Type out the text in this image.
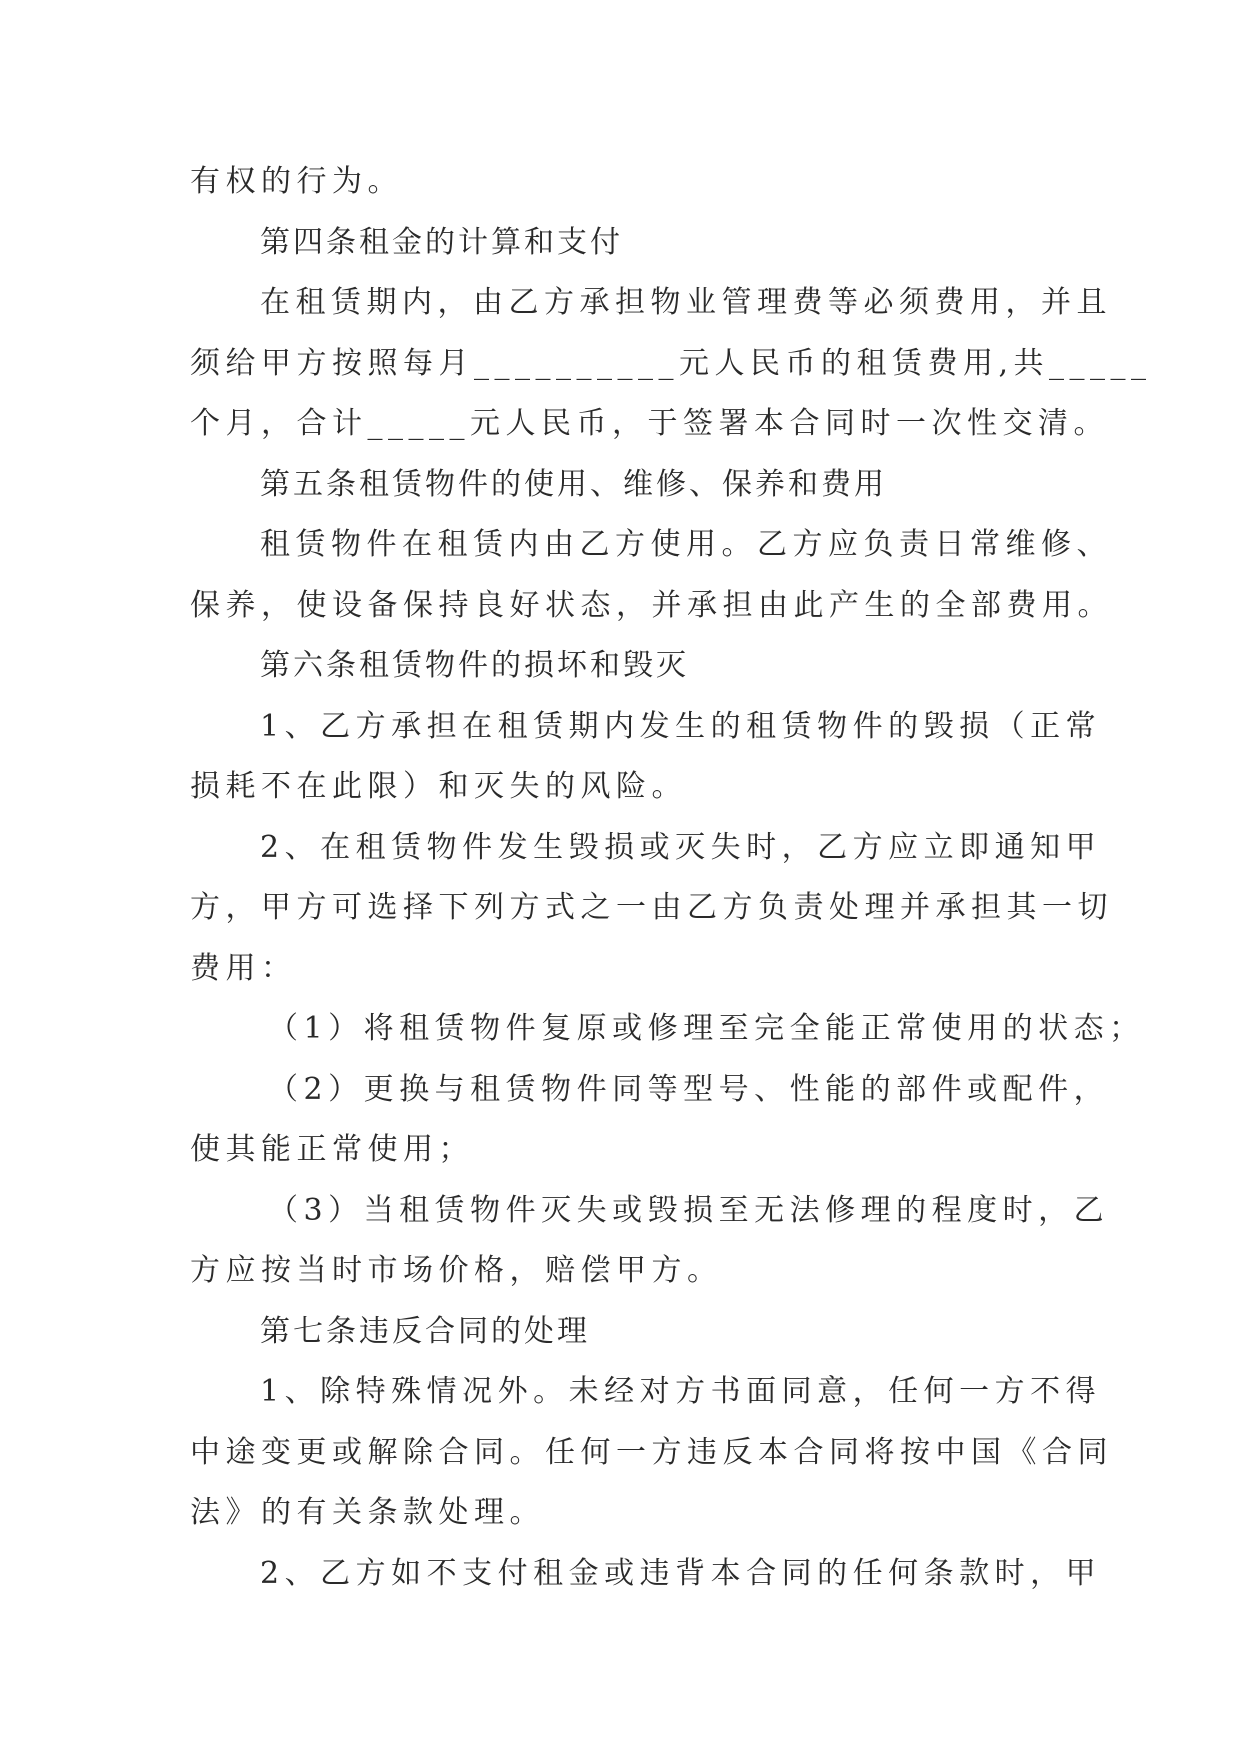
有权的行为。
第四条租金的计算和支付
在租赁期内，由乙方承担物业管理费等必须费用，并且
须给甲方按照每月__________元人民币的租赁费用,共_____
个月，合计_____元人民币，于签署本合同时一次性交清。
第五条租赁物件的使用、维修、保养和费用
租赁物件在租赁内由乙方使用。乙方应负责日常维修、
保养，使设备保持良好状态，并承担由此产生的全部费用。
第六条租赁物件的损坏和毁灭
1、乙方承担在租赁期内发生的租赁物件的毁损（正常
损耗不在此限）和灭失的风险。
2、在租赁物件发生毁损或灭失时，乙方应立即通知甲
方，甲方可选择下列方式之一由乙方负责处理并承担其一切
费用：
（1）将租赁物件复原或修理至完全能正常使用的状态；
（2）更换与租赁物件同等型号、性能的部件或配件，
使其能正常使用；
（3）当租赁物件灭失或毁损至无法修理的程度时，乙
方应按当时市场价格，赔偿甲方。
第七条违反合同的处理
1、除特殊情况外。未经对方书面同意，任何一方不得
中途变更或解除合同。任何一方违反本合同将按中国《合同
法》的有关条款处理。
2、乙方如不支付租金或违背本合同的任何条款时，甲
